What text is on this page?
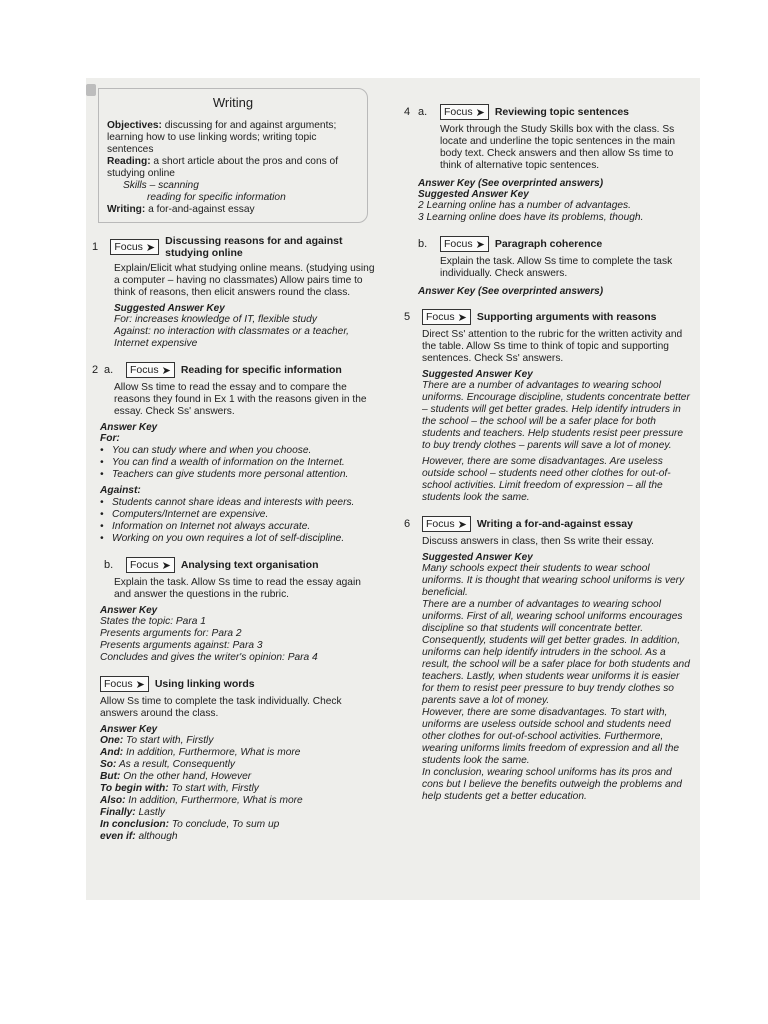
Writing

Objectives: discussing for and against arguments; learning how to use linking words; writing topic sentences

Reading: a short article about the pros and cons of studying online

Skills – scanning

reading for specific information

Writing: a for-and-against essay

1	Focus ➤
Discussing reasons for and against studying online

Explain/Elicit what studying online means. (studying using a computer – having no classmates) Allow pairs time to think of reasons, then elicit answers round the class.

Suggested Answer Key

For: increases knowledge of IT, flexible study

Against: no interaction with classmates or a teacher, Internet expensive

2 a.	Focus ➤ Reading for specific information

Allow Ss time to read the essay and to compare the reasons they found in Ex 1 with the reasons given in the essay. Check Ss' answers.

Answer Key

For:

• You can study where and when you choose.
• You can find a wealth of information on the Internet.
• Teachers can give students more personal attention.

Against:

• Students cannot share ideas and interests with peers.
• Computers/Internet are expensive.
• Information on Internet not always accurate.
• Working on you own requires a lot of self-discipline.
b.	Focus ➤ Analysing text organisation

Explain the task. Allow Ss time to read the essay again and answer the questions in the rubric.

Answer Key

States the topic: Para 1

Presents arguments for: Para 2

Presents arguments against: Para 3

Concludes and gives the writer's opinion: Para 4

Focus ➤ Using linking words

Allow Ss time to complete the task individually. Check answers around the class.

Answer Key

One: To start with, Firstly

And: In addition, Furthermore, What is more

So: As a result, Consequently

But: On the other hand, However

To begin with: To start with, Firstly

Also: In addition, Furthermore, What is more

Finally: Lastly

In conclusion: To conclude, To sum up

even if: although

4 a.	Focus ➤ Reviewing topic sentences

Work through the Study Skills box with the class. Ss locate and underline the topic sentences in the main body text. Check answers and then allow Ss time to think of alternative topic sentences.

Answer Key (See overprinted answers)

Suggested Answer Key

2 Learning online has a number of advantages.

3 Learning online does have its problems, though.

b.	Focus ➤ Paragraph coherence

Explain the task. Allow Ss time to complete the task individually. Check answers.

Answer Key (See overprinted answers)

5	Focus ➤ Supporting arguments with reasons

Direct Ss' attention to the rubric for the written activity and the table. Allow Ss time to think of topic and supporting sentences. Check Ss' answers.

Suggested Answer Key

There are a number of advantages to wearing school uniforms. Encourage discipline, students concentrate better – students will get better grades. Help identify intruders in the school – the school will be a safer place for both students and teachers. Help students resist peer pressure to buy trendy clothes – parents will save a lot of money.

However, there are some disadvantages. Are useless outside school – students need other clothes for out-of-school activities. Limit freedom of expression – all the students look the same.

6	Focus ➤ Writing a for-and-against essay

Discuss answers in class, then Ss write their essay.

Suggested Answer Key

Many schools expect their students to wear school uniforms. It is thought that wearing school uniforms is very beneficial.

There are a number of advantages to wearing school uniforms. First of all, wearing school uniforms encourages discipline so that students will concentrate better. Consequently, students will get better grades. In addition, uniforms can help identify intruders in the school. As a result, the school will be a safer place for both students and teachers. Lastly, when students wear uniforms it is easier for them to resist peer pressure to buy trendy clothes so parents save a lot of money.

However, there are some disadvantages. To start with, uniforms are useless outside school and students need other clothes for out-of-school activities. Furthermore, wearing uniforms limits freedom of expression and all the students look the same.

In conclusion, wearing school uniforms has its pros and cons but I believe the benefits outweigh the problems and help students get a better education.
